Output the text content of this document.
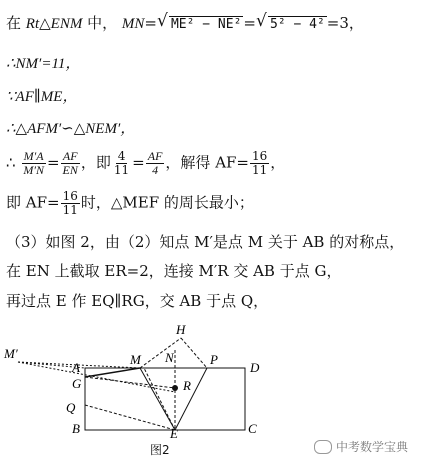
在 Rt△ENM 中， MN= √ ME² − NE² = √ 5² − 4² =3，
∴NM′=11，
∵AF∥ME，
∴△AFM′∽△NEM′，
∴ $\frac{M'A}{M'N} = \frac{AF}{EN}$ ，即 $\frac{4}{11} = \frac{AF}{4}$ ，解得 $AF= \frac{16}{11}$ ，
即 $AF= \frac{16}{11}$ 时，△MEF 的周长最小；
（3）如图 2，由（2）知点 M′是点 M 关于 AB 的对称点，
在 EN 上截取 ER=2，连接 M′R 交 AB 于点 G，
再过点 E 作 EQ∥RG，交 AB 于点 Q，
M′
A
G
Q
B
M N
H
P
D
R
E	C
图2	中考数学宝典
